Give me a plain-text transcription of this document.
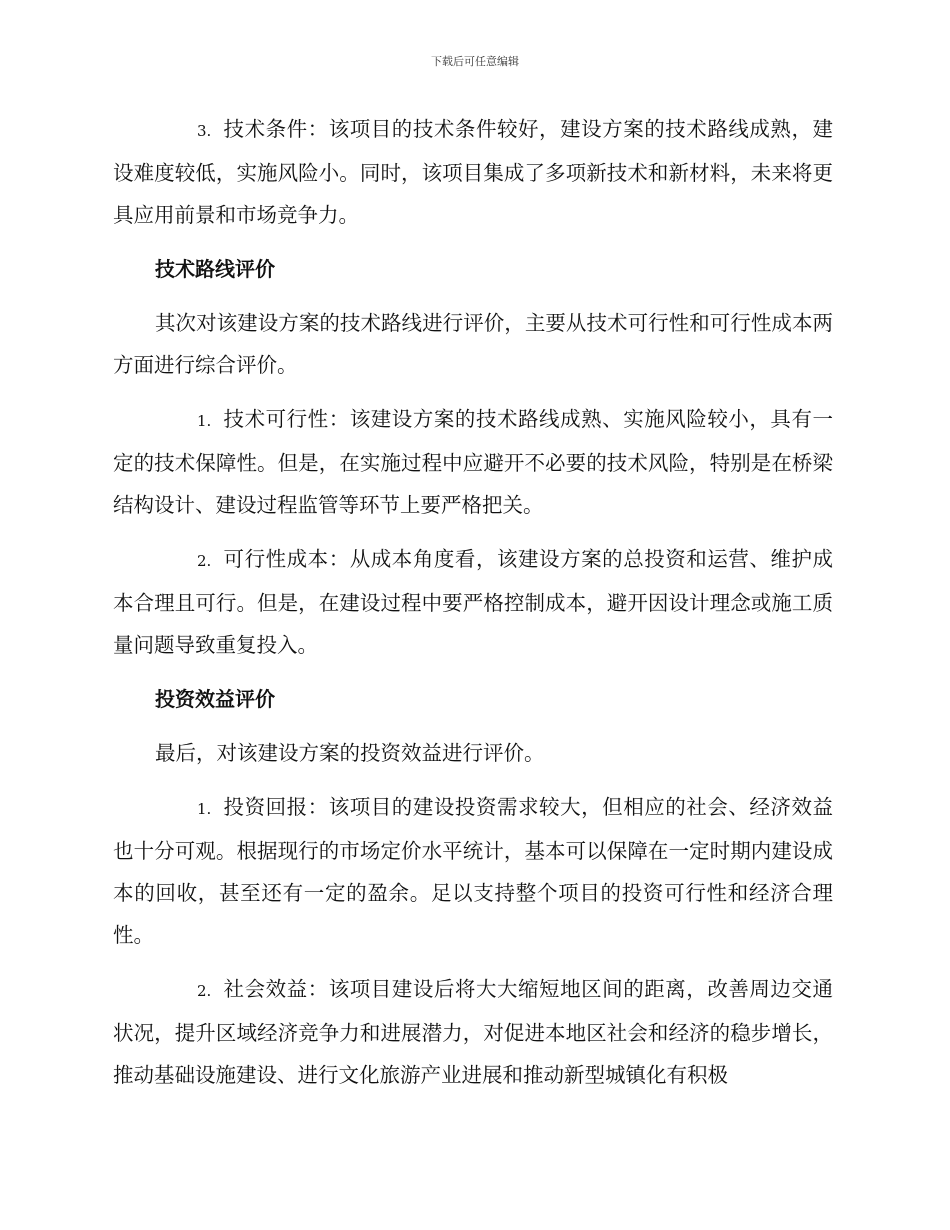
下载后可任意编辑

3. 技术条件：该项目的技术条件较好，建设方案的技术路线成熟，建设难度较低，实施风险小。同时，该项目集成了多项新技术和新材料，未来将更具应用前景和市场竞争力。

技术路线评价

其次对该建设方案的技术路线进行评价，主要从技术可行性和可行性成本两方面进行综合评价。

1. 技术可行性：该建设方案的技术路线成熟、实施风险较小，具有一定的技术保障性。但是，在实施过程中应避开不必要的技术风险，特别是在桥梁结构设计、建设过程监管等环节上要严格把关。

2. 可行性成本：从成本角度看，该建设方案的总投资和运营、维护成本合理且可行。但是，在建设过程中要严格控制成本，避开因设计理念或施工质量问题导致重复投入。

投资效益评价

最后，对该建设方案的投资效益进行评价。

1. 投资回报：该项目的建设投资需求较大，但相应的社会、经济效益也十分可观。根据现行的市场定价水平统计，基本可以保障在一定时期内建设成本的回收，甚至还有一定的盈余。足以支持整个项目的投资可行性和经济合理性。

2. 社会效益：该项目建设后将大大缩短地区间的距离，改善周边交通状况，提升区域经济竞争力和进展潜力，对促进本地区社会和经济的稳步增长，推动基础设施建设、进行文化旅游产业进展和推动新型城镇化有积极
